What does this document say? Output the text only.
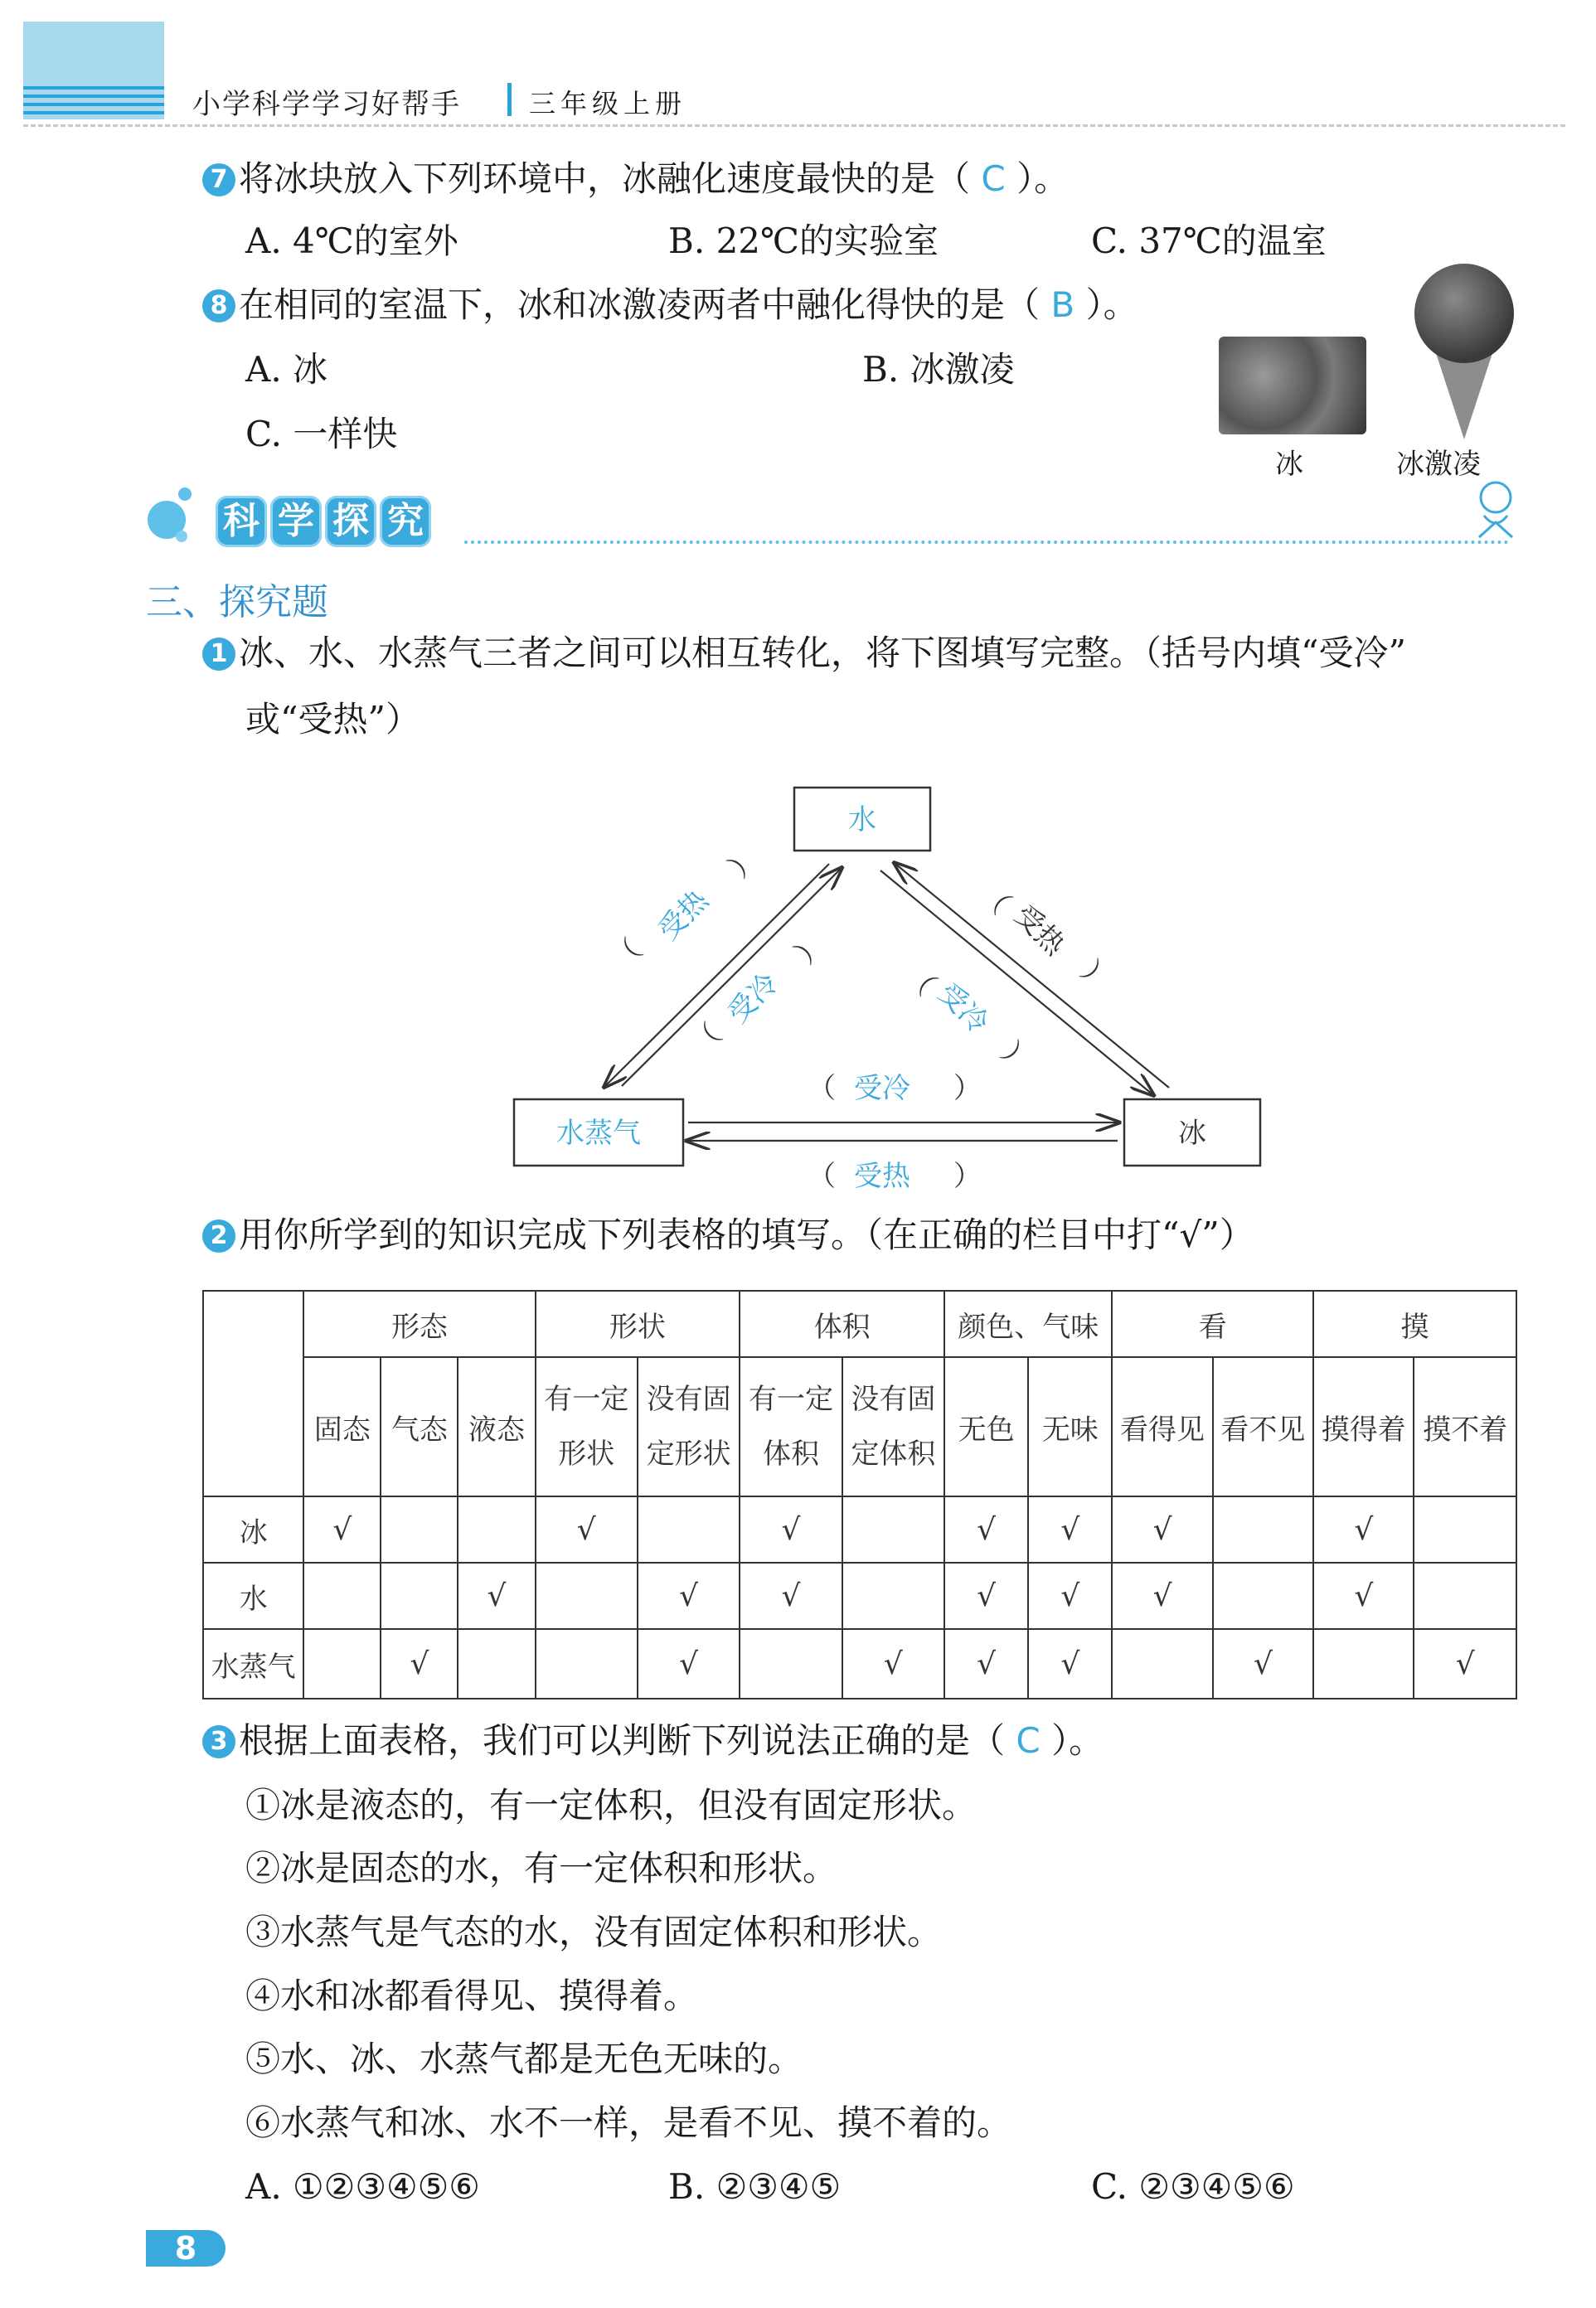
小学科学学习好帮手	三年级上册
7 将冰块放入下列环境中，冰融化速度最快的是（ C ）。
A. 4℃的室外	B. 22℃的实验室	C. 37℃的温室
8 在相同的室温下，冰和冰激凌两者中融化得快的是（ B ）。
A. 冰	B. 冰激凌
C. 一样快
冰	冰激凌
科 学 探 究
三、探究题
1 冰、水、水蒸气三者之间可以相互转化，将下图填写完整。（括号内填“受冷”
或“受热”）
水
水蒸气	冰
（
受热
）
（
受冷
）
（
受热
）
（
受冷
）
（ 受冷 ）
（ 受热 ）
2 用你所学到的知识完成下列表格的填写。（在正确的栏目中打“√”）
	形态			形状		体积		颜色、气味		看		摸	
	固态	气态	液态	有一定
形状	没有固
定形状	有一定
体积	没有固
定体积	无色	无味	看得见	看不见	摸得着	摸不着
冰	√			√		√		√	√	√		√	
水			√		√	√		√	√	√		√	
水蒸气		√			√		√	√	√		√		√
3 根据上面表格，我们可以判断下列说法正确的是（ C ）。
①冰是液态的，有一定体积，但没有固定形状。
②冰是固态的水，有一定体积和形状。
③水蒸气是气态的水，没有固定体积和形状。
④水和冰都看得见、摸得着。
⑤水、冰、水蒸气都是无色无味的。
⑥水蒸气和冰、水不一样，是看不见、摸不着的。
A. ①②③④⑤⑥	B. ②③④⑤	C. ②③④⑤⑥
8
